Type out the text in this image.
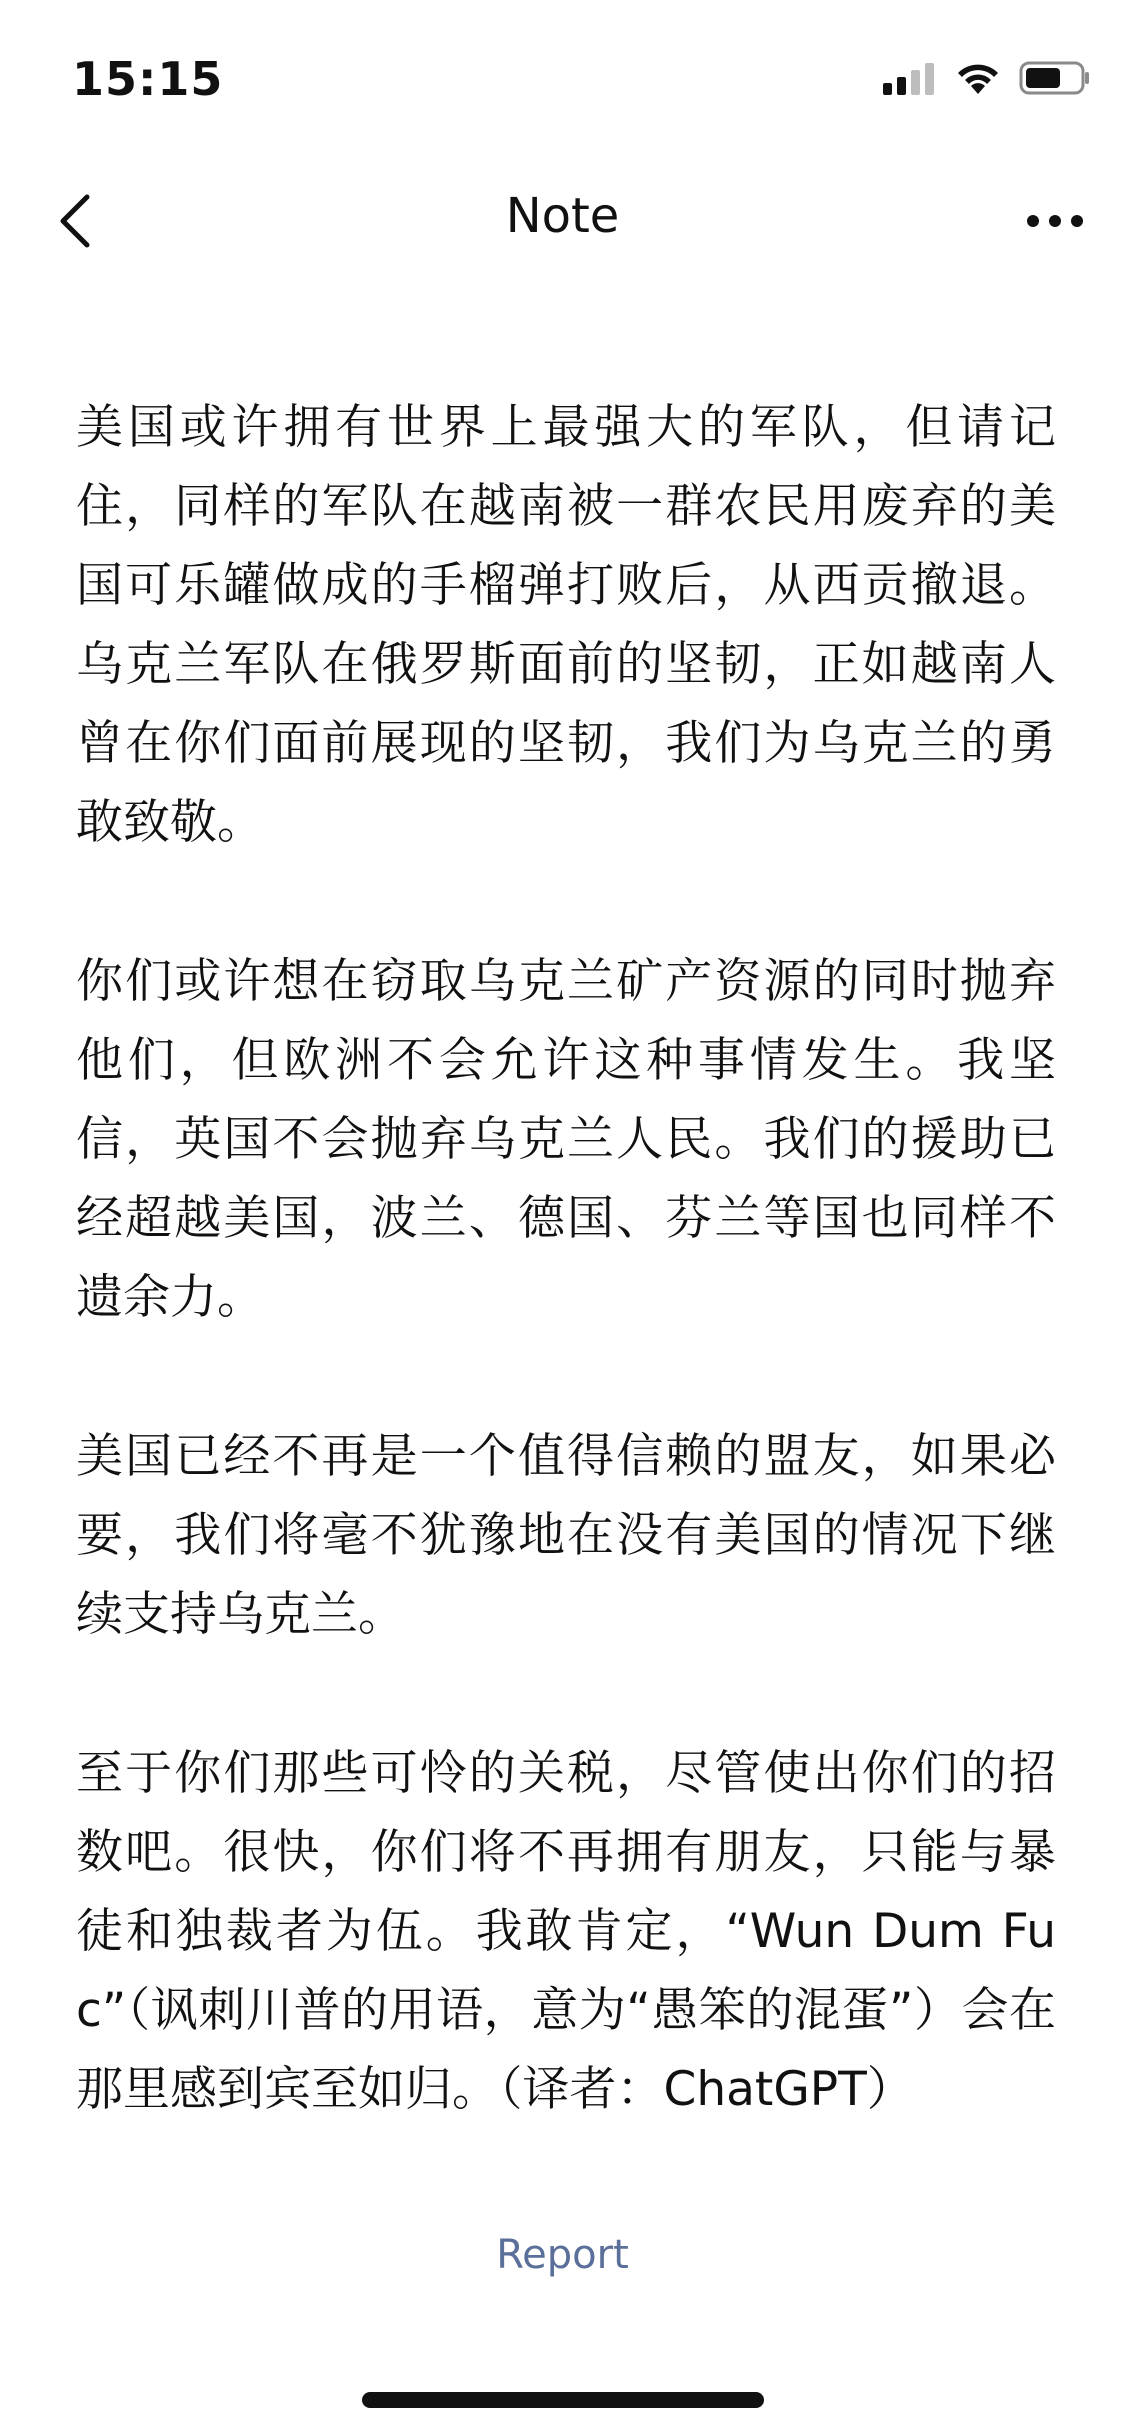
15:15
Note

美国或许拥有世界上最强大的军队，但请记住，同样的军队在越南被一群农民用废弃的美国可乐罐做成的手榴弹打败后，从西贡撤退。乌克兰军队在俄罗斯面前的坚韧，正如越南人曾在你们面前展现的坚韧，我们为乌克兰的勇敢致敬。

你们或许想在窃取乌克兰矿产资源的同时抛弃他们，但欧洲不会允许这种事情发生。我坚信，英国不会抛弃乌克兰人民。我们的援助已经超越美国，波兰、德国、芬兰等国也同样不遗余力。

美国已经不再是一个值得信赖的盟友，如果必要，我们将毫不犹豫地在没有美国的情况下继续支持乌克兰。

至于你们那些可怜的关税，尽管使出你们的招数吧。很快，你们将不再拥有朋友，只能与暴徒和独裁者为伍。我敢肯定，“Wun Dum Fuc”（讽刺川普的用语，意为“愚笨的混蛋”）会在那里感到宾至如归。（译者：ChatGPT）

Report
